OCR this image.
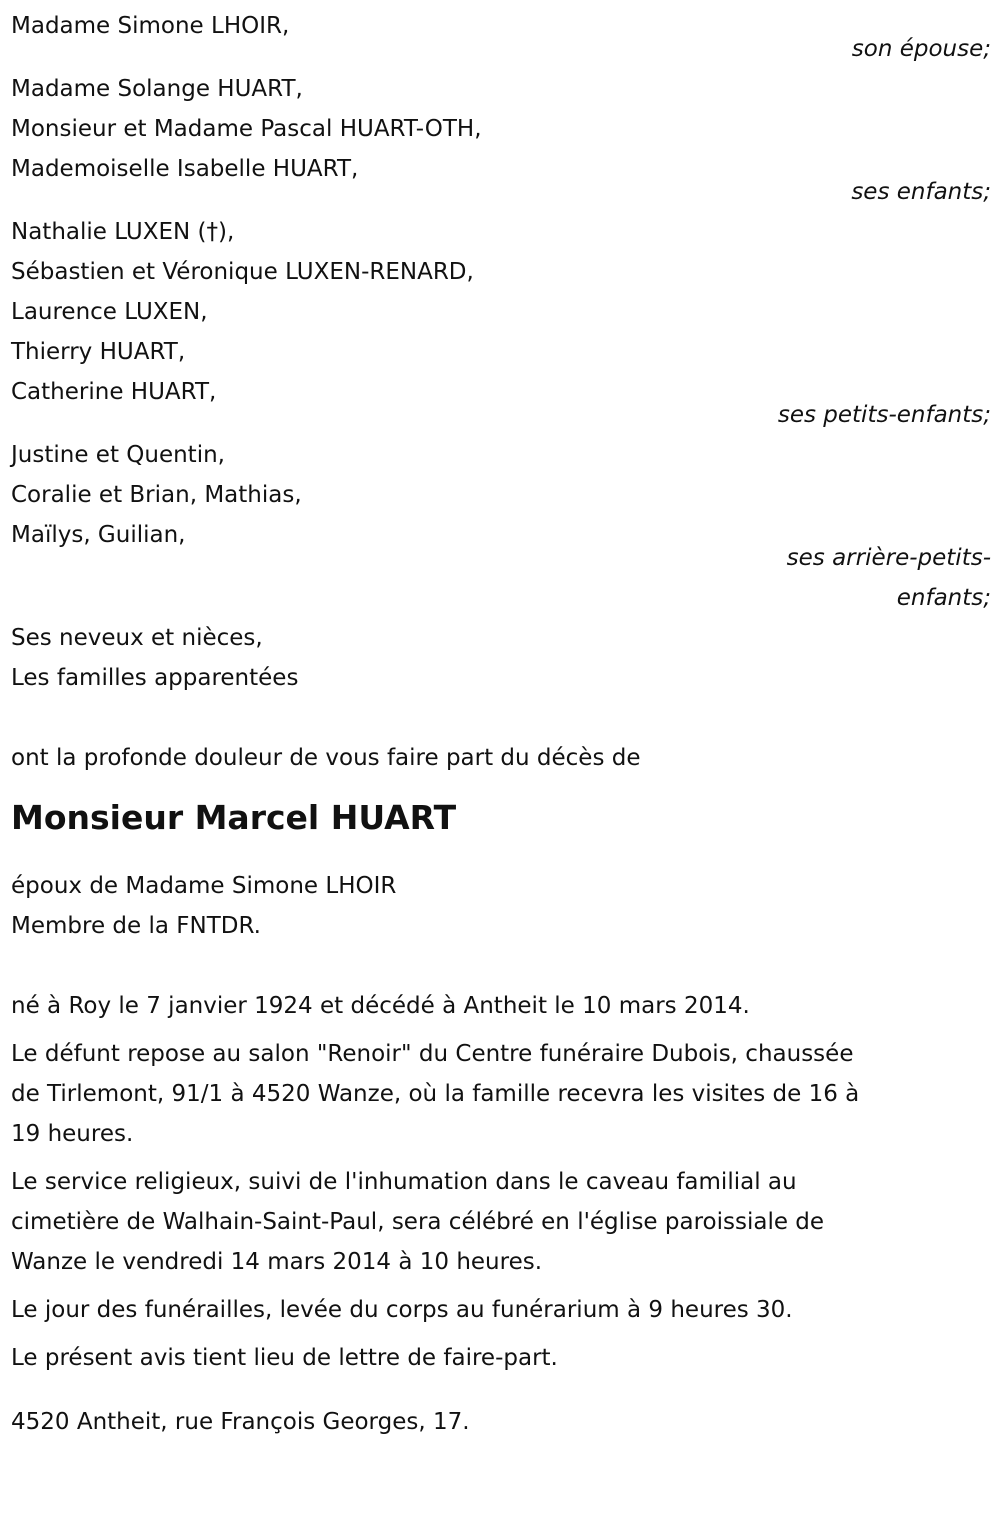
Madame Simone LHOIR,
son épouse;
Madame Solange HUART,
Monsieur et Madame Pascal HUART-OTH,
Mademoiselle Isabelle HUART,
ses enfants;
Nathalie LUXEN (†),
Sébastien et Véronique LUXEN-RENARD,
Laurence LUXEN,
Thierry HUART,
Catherine HUART,
ses petits-enfants;
Justine et Quentin,
Coralie et Brian, Mathias,
Maïlys, Guilian,
ses arrière-petits-
enfants;
Ses neveux et nièces,
Les familles apparentées
ont la profonde douleur de vous faire part du décès de
Monsieur Marcel HUART
époux de Madame Simone LHOIR
Membre de la FNTDR.
né à Roy le 7 janvier 1924 et décédé à Antheit le 10 mars 2014.
Le défunt repose au salon "Renoir" du Centre funéraire Dubois, chaussée
de Tirlemont, 91/1 à 4520 Wanze, où la famille recevra les visites de 16 à
19 heures.
Le service religieux, suivi de l'inhumation dans le caveau familial au
cimetière de Walhain-Saint-Paul, sera célébré en l'église paroissiale de
Wanze le vendredi 14 mars 2014 à 10 heures.
Le jour des funérailles, levée du corps au funérarium à 9 heures 30.
Le présent avis tient lieu de lettre de faire-part.
4520 Antheit, rue François Georges, 17.
